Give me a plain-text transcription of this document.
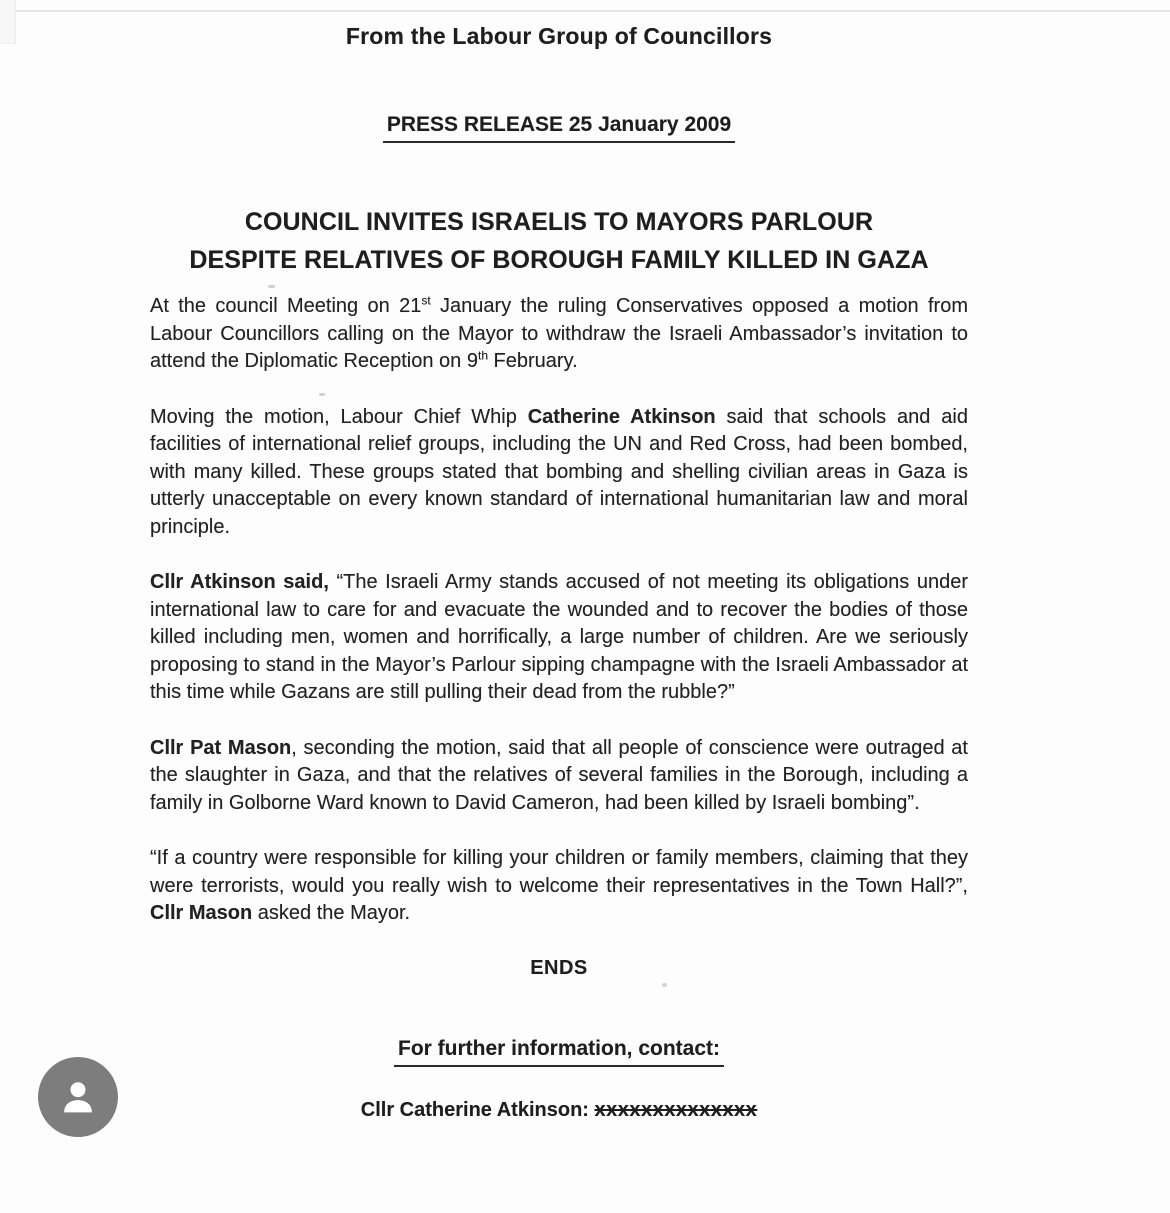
From the Labour Group of Councillors
PRESS RELEASE 25 January 2009
COUNCIL INVITES ISRAELIS TO MAYORS PARLOUR
DESPITE RELATIVES OF BOROUGH FAMILY KILLED IN GAZA

At the council Meeting on 21st January the ruling Conservatives opposed a motion from Labour Councillors calling on the Mayor to withdraw the Israeli Ambassador’s invitation to attend the Diplomatic Reception on 9th February.

Moving the motion, Labour Chief Whip Catherine Atkinson said that schools and aid facilities of international relief groups, including the UN and Red Cross, had been bombed, with many killed. These groups stated that bombing and shelling civilian areas in Gaza is utterly unacceptable on every known standard of international humanitarian law and moral principle.

Cllr Atkinson said, “The Israeli Army stands accused of not meeting its obligations under international law to care for and evacuate the wounded and to recover the bodies of those killed including men, women and horrifically, a large number of children. Are we seriously proposing to stand in the Mayor’s Parlour sipping champagne with the Israeli Ambassador at this time while Gazans are still pulling their dead from the rubble?”

Cllr Pat Mason, seconding the motion, said that all people of conscience were outraged at the slaughter in Gaza, and that the relatives of several families in the Borough, including a family in Golborne Ward known to David Cameron, had been killed by Israeli bombing”.

“If a country were responsible for killing your children or family members, claiming that they were terrorists, would you really wish to welcome their representatives in the Town Hall?”, Cllr Mason asked the Mayor.

ENDS
For further information, contact:
Cllr Catherine Atkinson: xxxxxxxxxxxxxx
